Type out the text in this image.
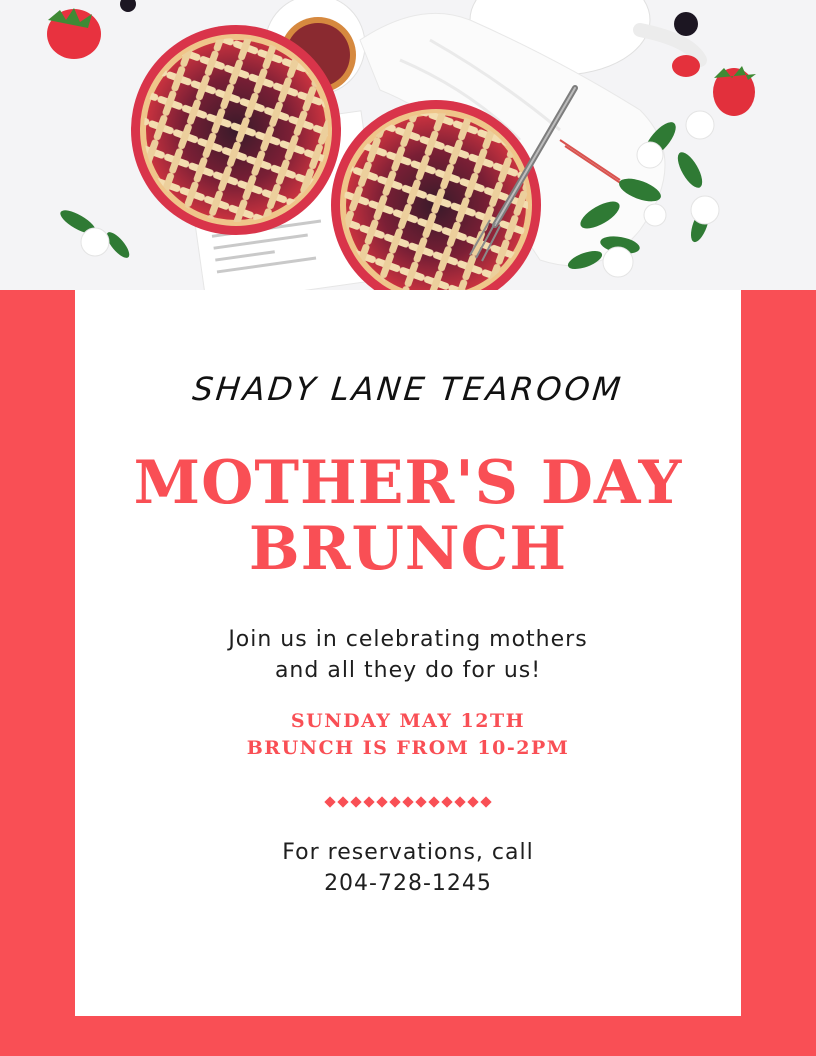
SHADY LANE TEAROOM
MOTHER'S DAY
BRUNCH
Join us in celebrating mothers
and all they do for us!
SUNDAY MAY 12TH
BRUNCH IS FROM 10-2PM
For reservations, call
204-728-1245
